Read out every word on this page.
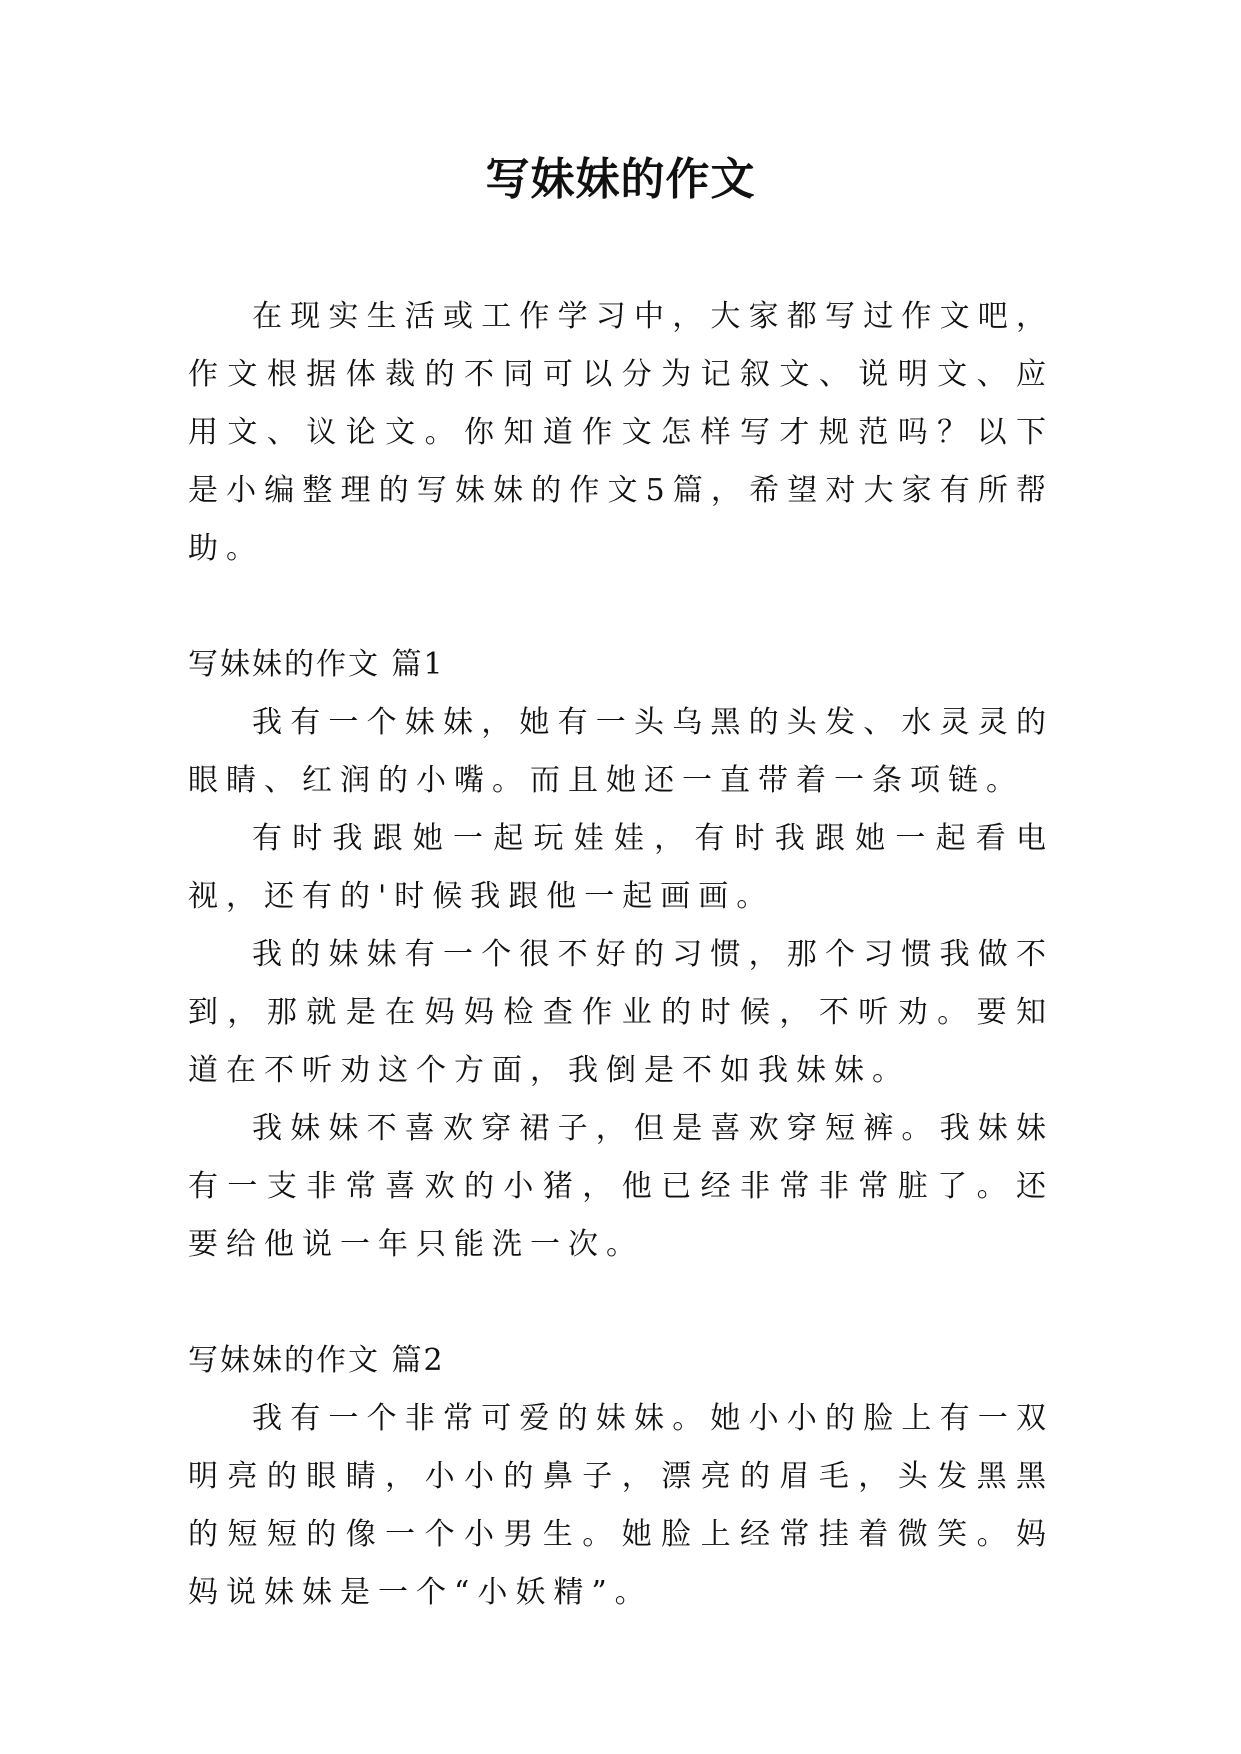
写妹妹的作文

在现实生活或工作学习中，大家都写过作文吧，作文根据体裁的不同可以分为记叙文、说明文、应用文、议论文。你知道作文怎样写才规范吗？以下是小编整理的写妹妹的作文5篇，希望对大家有所帮助。

写妹妹的作文 篇1

我有一个妹妹，她有一头乌黑的头发、水灵灵的眼睛、红润的小嘴。而且她还一直带着一条项链。

有时我跟她一起玩娃娃，有时我跟她一起看电视，还有的'时候我跟他一起画画。

我的妹妹有一个很不好的习惯，那个习惯我做不到，那就是在妈妈检查作业的时候，不听劝。要知道在不听劝这个方面，我倒是不如我妹妹。

我妹妹不喜欢穿裙子，但是喜欢穿短裤。我妹妹有一支非常喜欢的小猪，他已经非常非常脏了。还要给他说一年只能洗一次。

写妹妹的作文 篇2

我有一个非常可爱的妹妹。她小小的脸上有一双明亮的眼睛，小小的鼻子，漂亮的眉毛，头发黑黑的短短的像一个小男生。她脸上经常挂着微笑。妈妈说妹妹是一个“小妖精”。
